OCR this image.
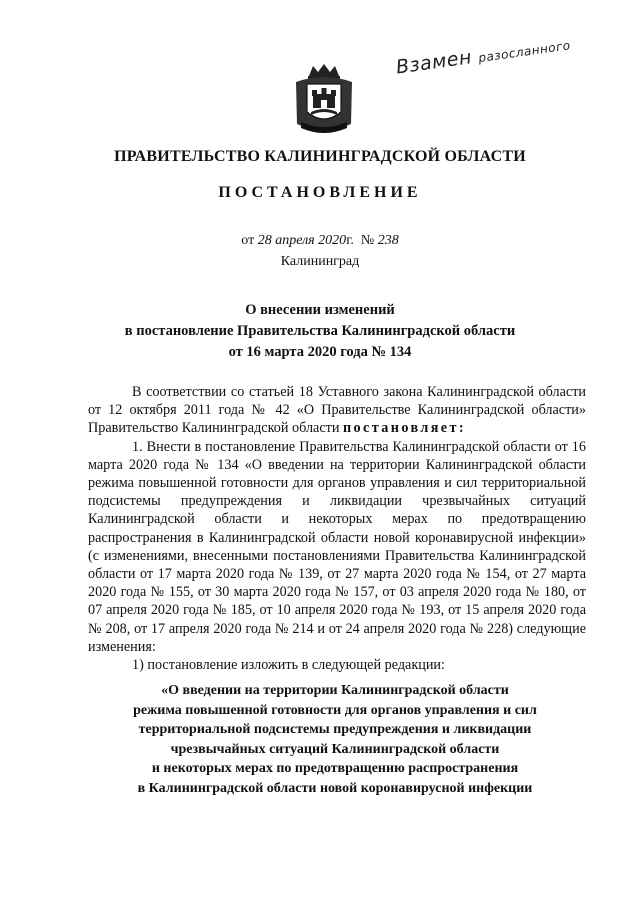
Взамен разосланного
ПРАВИТЕЛЬСТВО КАЛИНИНГРАДСКОЙ ОБЛАСТИ
ПОСТАНОВЛЕНИЕ
от 28 апреля 2020г. № 238
Калининград
О внесении изменений
в постановление Правительства Калининградской области
от 16 марта 2020 года № 134

В соответствии со статьей 18 Уставного закона Калининградской области от 12 октября 2011 года № 42 «О Правительстве Калининградской области» Правительство Калининградской области постановляет:

1. Внести в постановление Правительства Калининградской области от 16 марта 2020 года № 134 «О введении на территории Калининградской области режима повышенной готовности для органов управления и сил территориальной подсистемы предупреждения и ликвидации чрезвычайных ситуаций Калининградской области и некоторых мерах по предотвращению распространения в Калининградской области новой коронавирусной инфекции» (с изменениями, внесенными постановлениями Правительства Калининградской области от 17 марта 2020 года № 139, от 27 марта 2020 года № 154, от 27 марта 2020 года № 155, от 30 марта 2020 года № 157, от 03 апреля 2020 года № 180, от 07 апреля 2020 года № 185, от 10 апреля 2020 года № 193, от 15 апреля 2020 года № 208, от 17 апреля 2020 года № 214 и от 24 апреля 2020 года № 228) следующие изменения:

1) постановление изложить в следующей редакции:

«О введении на территории Калининградской области
режима повышенной готовности для органов управления и сил
территориальной подсистемы предупреждения и ликвидации
чрезвычайных ситуаций Калининградской области
и некоторых мерах по предотвращению распространения
в Калининградской области новой коронавирусной инфекции
